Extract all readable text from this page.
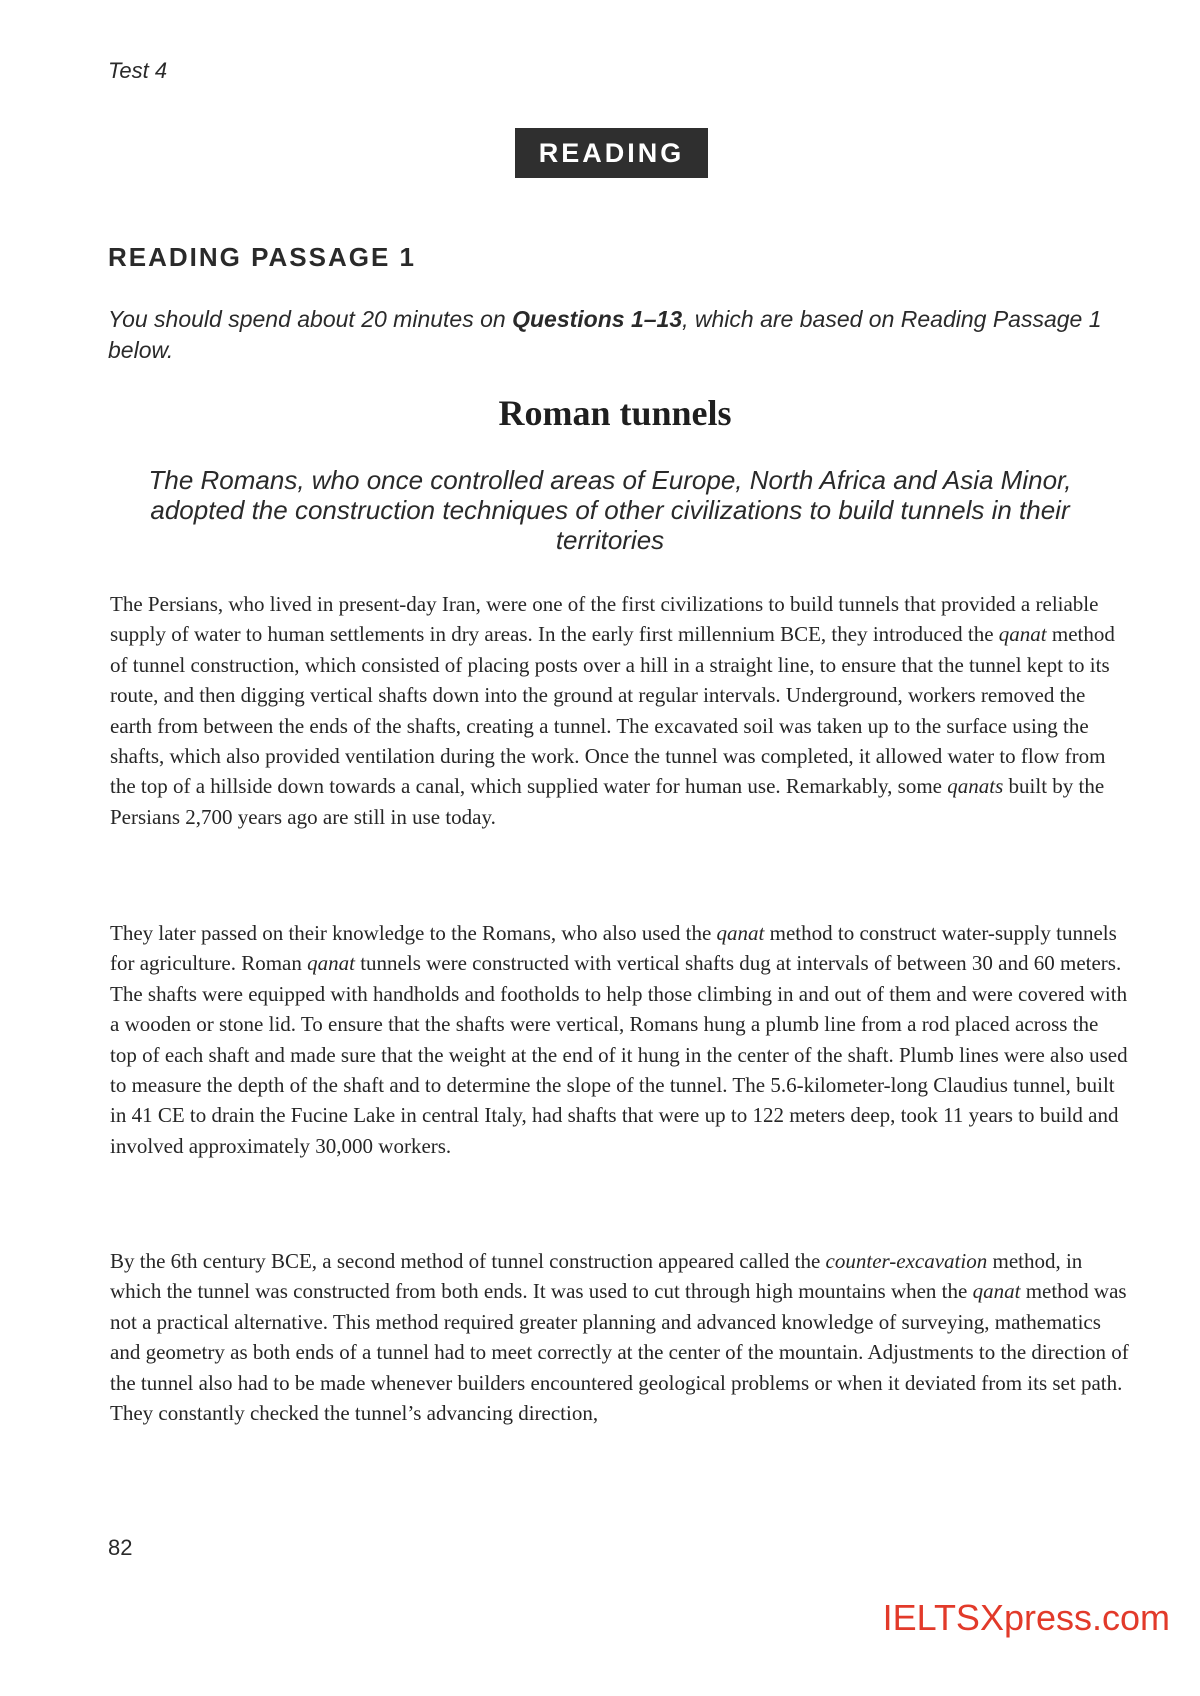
Test 4
READING
READING PASSAGE 1
You should spend about 20 minutes on Questions 1–13, which are based on Reading Passage 1 below.
Roman tunnels
The Romans, who once controlled areas of Europe, North Africa and Asia Minor, adopted the construction techniques of other civilizations to build tunnels in their territories
The Persians, who lived in present-day Iran, were one of the first civilizations to build tunnels that provided a reliable supply of water to human settlements in dry areas. In the early first millennium BCE, they introduced the qanat method of tunnel construction, which consisted of placing posts over a hill in a straight line, to ensure that the tunnel kept to its route, and then digging vertical shafts down into the ground at regular intervals. Underground, workers removed the earth from between the ends of the shafts, creating a tunnel. The excavated soil was taken up to the surface using the shafts, which also provided ventilation during the work. Once the tunnel was completed, it allowed water to flow from the top of a hillside down towards a canal, which supplied water for human use. Remarkably, some qanats built by the Persians 2,700 years ago are still in use today.
They later passed on their knowledge to the Romans, who also used the qanat method to construct water-supply tunnels for agriculture. Roman qanat tunnels were constructed with vertical shafts dug at intervals of between 30 and 60 meters. The shafts were equipped with handholds and footholds to help those climbing in and out of them and were covered with a wooden or stone lid. To ensure that the shafts were vertical, Romans hung a plumb line from a rod placed across the top of each shaft and made sure that the weight at the end of it hung in the center of the shaft. Plumb lines were also used to measure the depth of the shaft and to determine the slope of the tunnel. The 5.6-kilometer-long Claudius tunnel, built in 41 CE to drain the Fucine Lake in central Italy, had shafts that were up to 122 meters deep, took 11 years to build and involved approximately 30,000 workers.
By the 6th century BCE, a second method of tunnel construction appeared called the counter-excavation method, in which the tunnel was constructed from both ends. It was used to cut through high mountains when the qanat method was not a practical alternative. This method required greater planning and advanced knowledge of surveying, mathematics and geometry as both ends of a tunnel had to meet correctly at the center of the mountain. Adjustments to the direction of the tunnel also had to be made whenever builders encountered geological problems or when it deviated from its set path. They constantly checked the tunnel’s advancing direction,
82
IELTSXpress.com
